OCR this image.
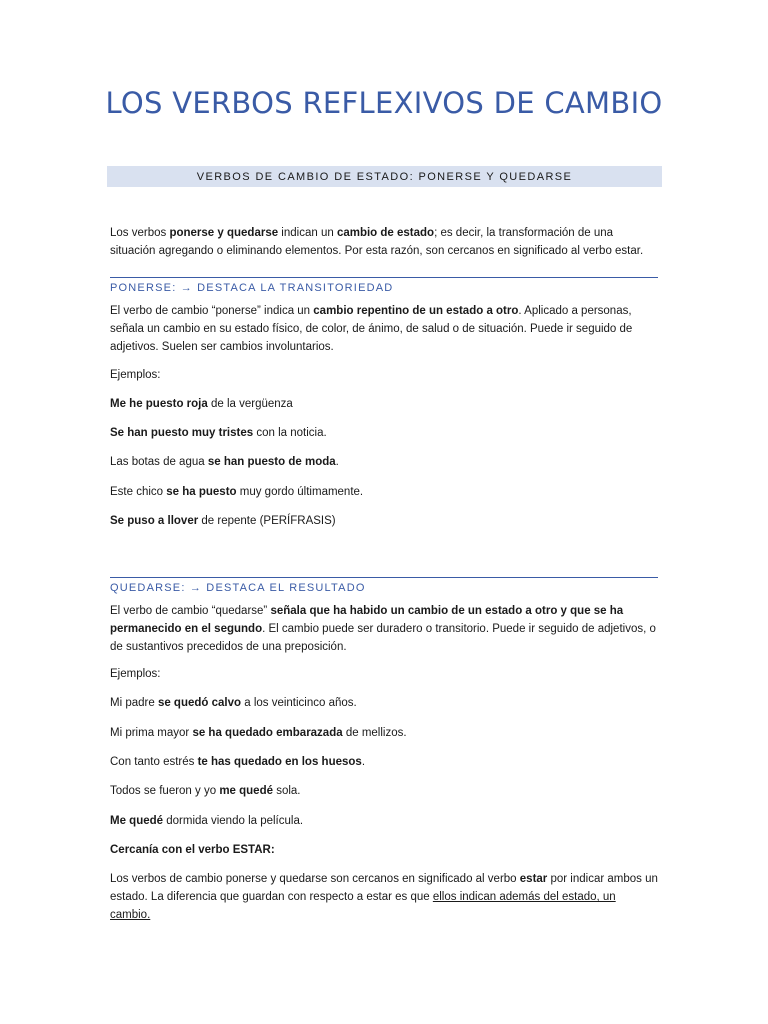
LOS VERBOS REFLEXIVOS DE CAMBIO
VERBOS DE CAMBIO DE ESTADO: PONERSE Y QUEDARSE

Los verbos ponerse y quedarse indican un cambio de estado; es decir, la transformación de una situación agregando o eliminando elementos. Por esta razón, son cercanos en significado al verbo estar.

PONERSE: → DESTACA LA TRANSITORIEDAD

El verbo de cambio “ponerse” indica un cambio repentino de un estado a otro. Aplicado a personas, señala un cambio en su estado físico, de color, de ánimo, de salud o de situación. Puede ir seguido de adjetivos. Suelen ser cambios involuntarios.

Ejemplos:

Me he puesto roja de la vergüenza

Se han puesto muy tristes con la noticia.

Las botas de agua se han puesto de moda.

Este chico se ha puesto muy gordo últimamente.

Se puso a llover de repente (PERÍFRASIS)

QUEDARSE: → DESTACA EL RESULTADO

El verbo de cambio “quedarse” señala que ha habido un cambio de un estado a otro y que se ha permanecido en el segundo. El cambio puede ser duradero o transitorio. Puede ir seguido de adjetivos, o de sustantivos precedidos de una preposición.

Ejemplos:

Mi padre se quedó calvo a los veinticinco años.

Mi prima mayor se ha quedado embarazada de mellizos.

Con tanto estrés te has quedado en los huesos.

Todos se fueron y yo me quedé sola.

Me quedé dormida viendo la película.

Cercanía con el verbo ESTAR:

Los verbos de cambio ponerse y quedarse son cercanos en significado al verbo estar por indicar ambos un estado. La diferencia que guardan con respecto a estar es que ellos indican además del estado, un cambio.
